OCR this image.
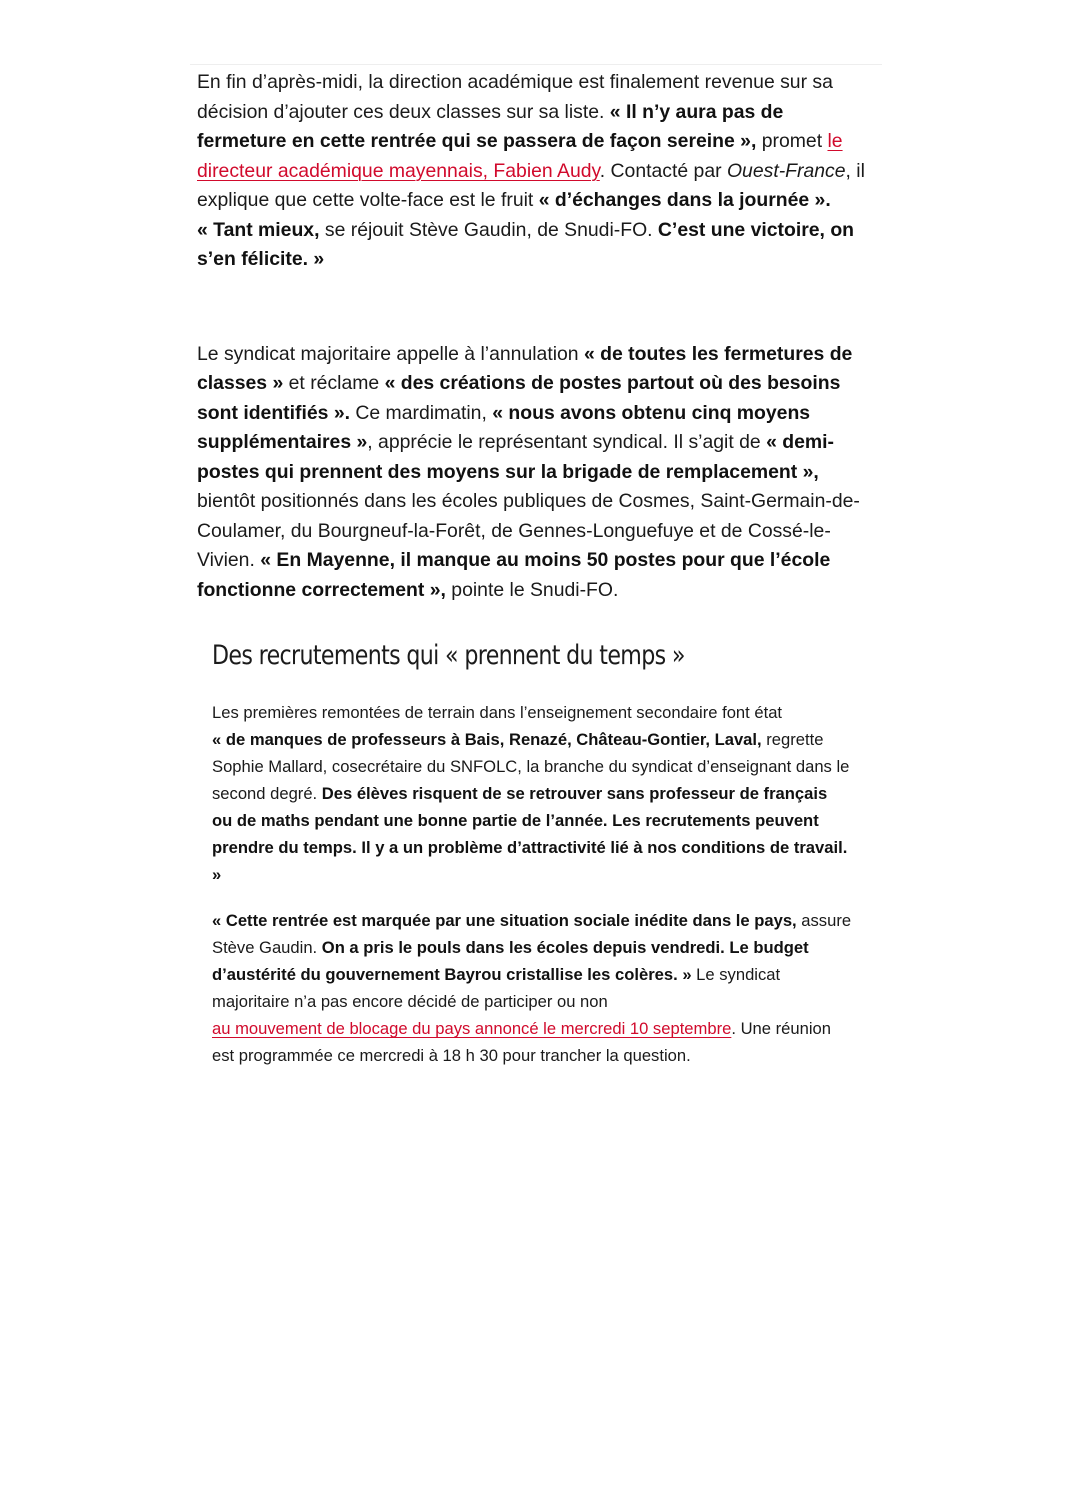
En fin d’après-midi, la direction académique est finalement revenue sur sa décision d’ajouter ces deux classes sur sa liste. « Il n’y aura pas de fermeture en cette rentrée qui se passera de façon sereine », promet le directeur académique mayennais, Fabien Audy. Contacté par Ouest-France, il explique que cette volte-face est le fruit « d’échanges dans la journée ».
« Tant mieux, se réjouit Stève Gaudin, de Snudi-FO. C’est une victoire, on s’en félicite. »

Le syndicat majoritaire appelle à l’annulation « de toutes les fermetures de classes » et réclame « des créations de postes partout où des besoins sont identifiés ». Ce mardimatin, « nous avons obtenu cinq moyens supplémentaires », apprécie le représentant syndical. Il s’agit de « demi-postes qui prennent des moyens sur la brigade de remplacement », bientôt positionnés dans les écoles publiques de Cosmes, Saint-Germain-de-Coulamer, du Bourgneuf-la-Forêt, de Gennes-Longuefuye et de Cossé-le-Vivien. « En Mayenne, il manque au moins 50 postes pour que l’école fonctionne correctement », pointe le Snudi-FO.

Des recrutements qui « prennent du temps »

Les premières remontées de terrain dans l’enseignement secondaire font état
« de manques de professeurs à Bais, Renazé, Château-Gontier, Laval, regrette Sophie Mallard, cosecrétaire du SNFOLC, la branche du syndicat d’enseignant dans le second degré. Des élèves risquent de se retrouver sans professeur de français ou de maths pendant une bonne partie de l’année. Les recrutements peuvent prendre du temps. Il y a un problème d’attractivité lié à nos conditions de travail. »

« Cette rentrée est marquée par une situation sociale inédite dans le pays, assure Stève Gaudin. On a pris le pouls dans les écoles depuis vendredi. Le budget d’austérité du gouvernement Bayrou cristallise les colères. » Le syndicat majoritaire n’a pas encore décidé de participer ou non
au mouvement de blocage du pays annoncé le mercredi 10 septembre. Une réunion est programmée ce mercredi à 18 h 30 pour trancher la question.
